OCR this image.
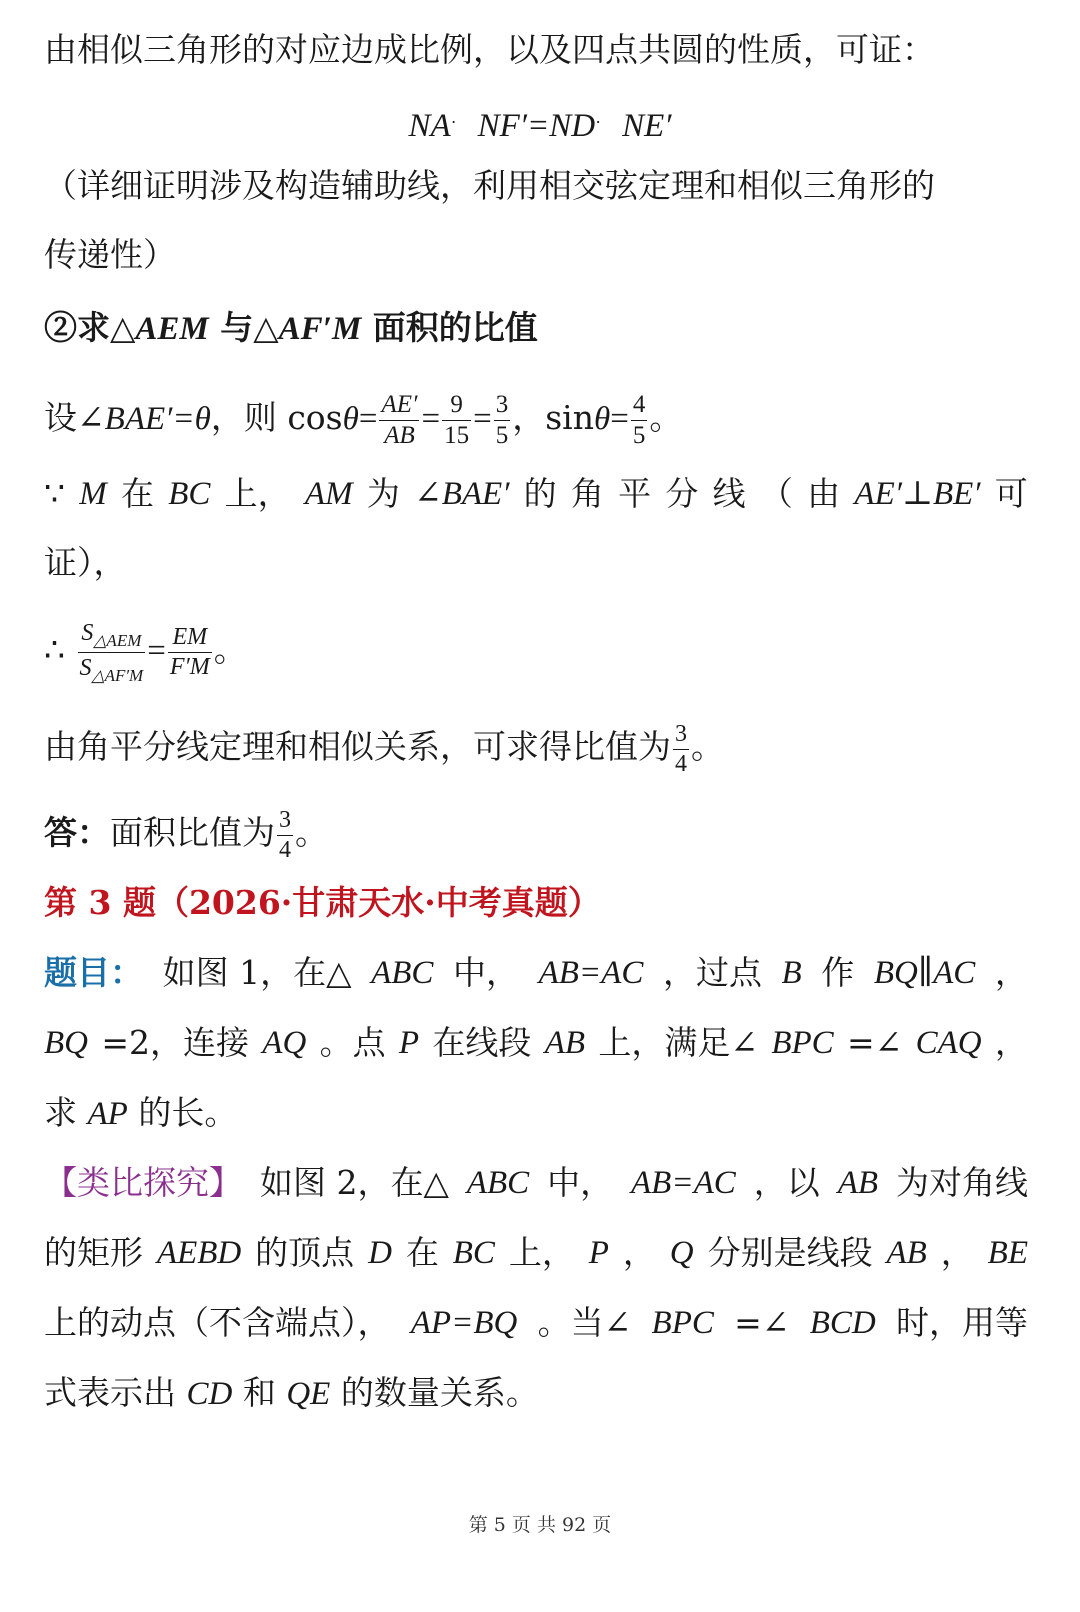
由相似三角形的对应边成比例，以及四点共圆的性质，可证：
NA· NF′=ND· NE′
（详细证明涉及构造辅助线，利用相交弦定理和相似三角形的
传递性）
②求△AEM 与△AF′M 面积的比值
设∠BAE′=θ，则 $\cos\theta= \frac{AE'}{AB} = \frac{9}{15} = \frac{3}{5}$ ，$\sin\theta= \frac{4}{5}$ 。
∵ M 在 BC 上， AM 为 ∠BAE′ 的 角 平 分 线 （ 由 AE′⊥BE′ 可
证），
∴ $\frac{S_{\triangle AEM}}{S_{\triangle AF'M}} = \frac{EM}{F'M}$ 。
由角平分线定理和相似关系，可求得比值为 $\frac{3}{4}$ 。
答：面积比值为 $\frac{3}{4}$ 。
第 3 题（2026·甘肃天水·中考真题）
题目： 如图 1，在△ ABC 中， AB=AC ，过点 B 作 BQ∥AC ，
BQ =2，连接 AQ 。点 P 在线段 AB 上，满足∠ BPC =∠ CAQ ，
求 AP 的长。
【类比探究】 如图 2，在△ ABC 中， AB=AC ，以 AB 为对角线
的矩形 AEBD 的顶点 D 在 BC 上， P ， Q 分别是线段 AB ， BE
上的动点（不含端点）， AP=BQ 。当∠ BPC =∠ BCD 时，用等
式表示出 CD 和 QE 的数量关系。
第 5 页 共 92 页
